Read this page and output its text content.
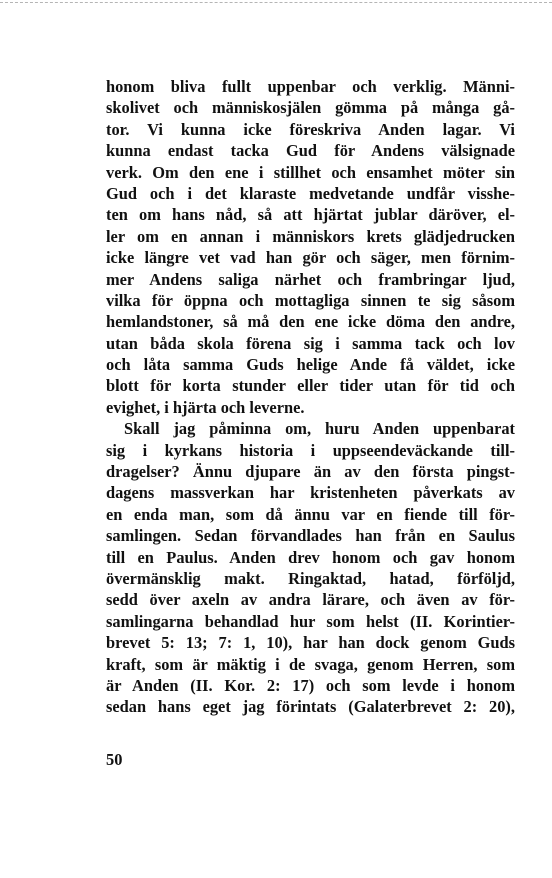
honom bliva fullt uppenbar och verklig. Männi-
skolivet och människosjälen gömma på många gå-
tor. Vi kunna icke föreskriva Anden lagar. Vi
kunna endast tacka Gud för Andens välsignade
verk. Om den ene i stillhet och ensamhet möter sin
Gud och i det klaraste medvetande undfår visshe-
ten om hans nåd, så att hjärtat jublar däröver, el-
ler om en annan i människors krets glädjedrucken
icke längre vet vad han gör och säger, men förnim-
mer Andens saliga närhet och frambringar ljud,
vilka för öppna och mottagliga sinnen te sig såsom
hemlandstoner, så må den ene icke döma den andre,
utan båda skola förena sig i samma tack och lov
och låta samma Guds helige Ande få väldet, icke
blott för korta stunder eller tider utan för tid och
evighet, i hjärta och leverne.
Skall jag påminna om, huru Anden uppenbarat
sig i kyrkans historia i uppseendeväckande till-
dragelser? Ännu djupare än av den första pingst-
dagens massverkan har kristenheten påverkats av
en enda man, som då ännu var en fiende till för-
samlingen. Sedan förvandlades han från en Saulus
till en Paulus. Anden drev honom och gav honom
övermänsklig makt. Ringaktad, hatad, förföljd,
sedd över axeln av andra lärare, och även av för-
samlingarna behandlad hur som helst (II. Korintier-
brevet 5: 13; 7: 1, 10), har han dock genom Guds
kraft, som är mäktig i de svaga, genom Herren, som
är Anden (II. Kor. 2: 17) och som levde i honom
sedan hans eget jag förintats (Galaterbrevet 2: 20),
50
